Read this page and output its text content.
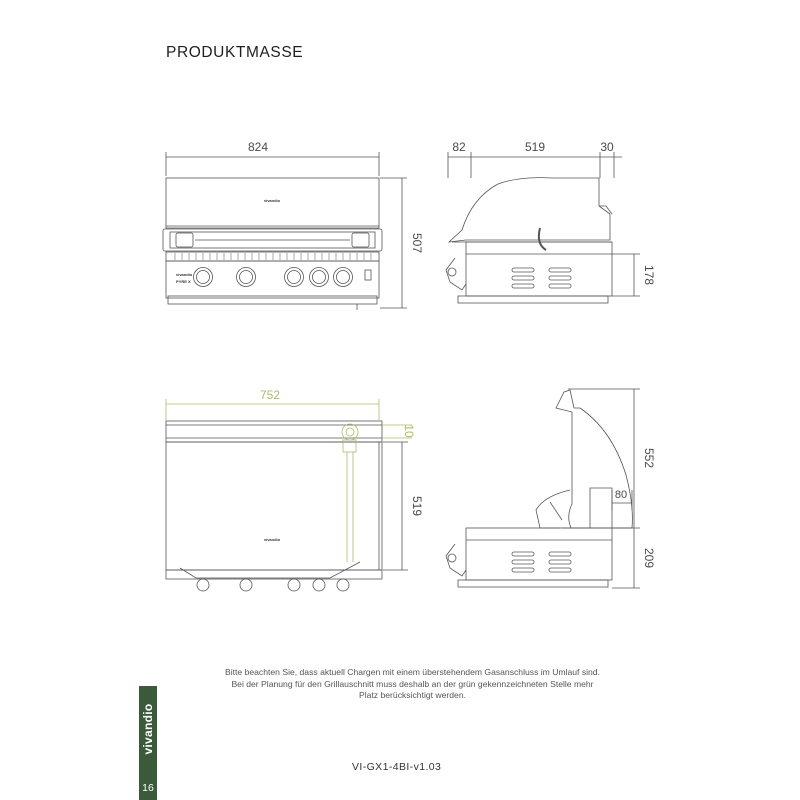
PRODUKTMASSE
824
507
vivandio
vivandio
PYRE X
82	519	30
178
752
10
519
vivandio
552
80
209
Bitte beachten Sie, dass aktuell Chargen mit einem überstehendem Gasanschluss im Umlauf sind.
Bei der Planung für den Grillauschnitt muss deshalb an der grün gekennzeichneten Stelle mehr
Platz berücksichtigt werden.
VI-GX1-4BI-v1.03
vivandio
16
